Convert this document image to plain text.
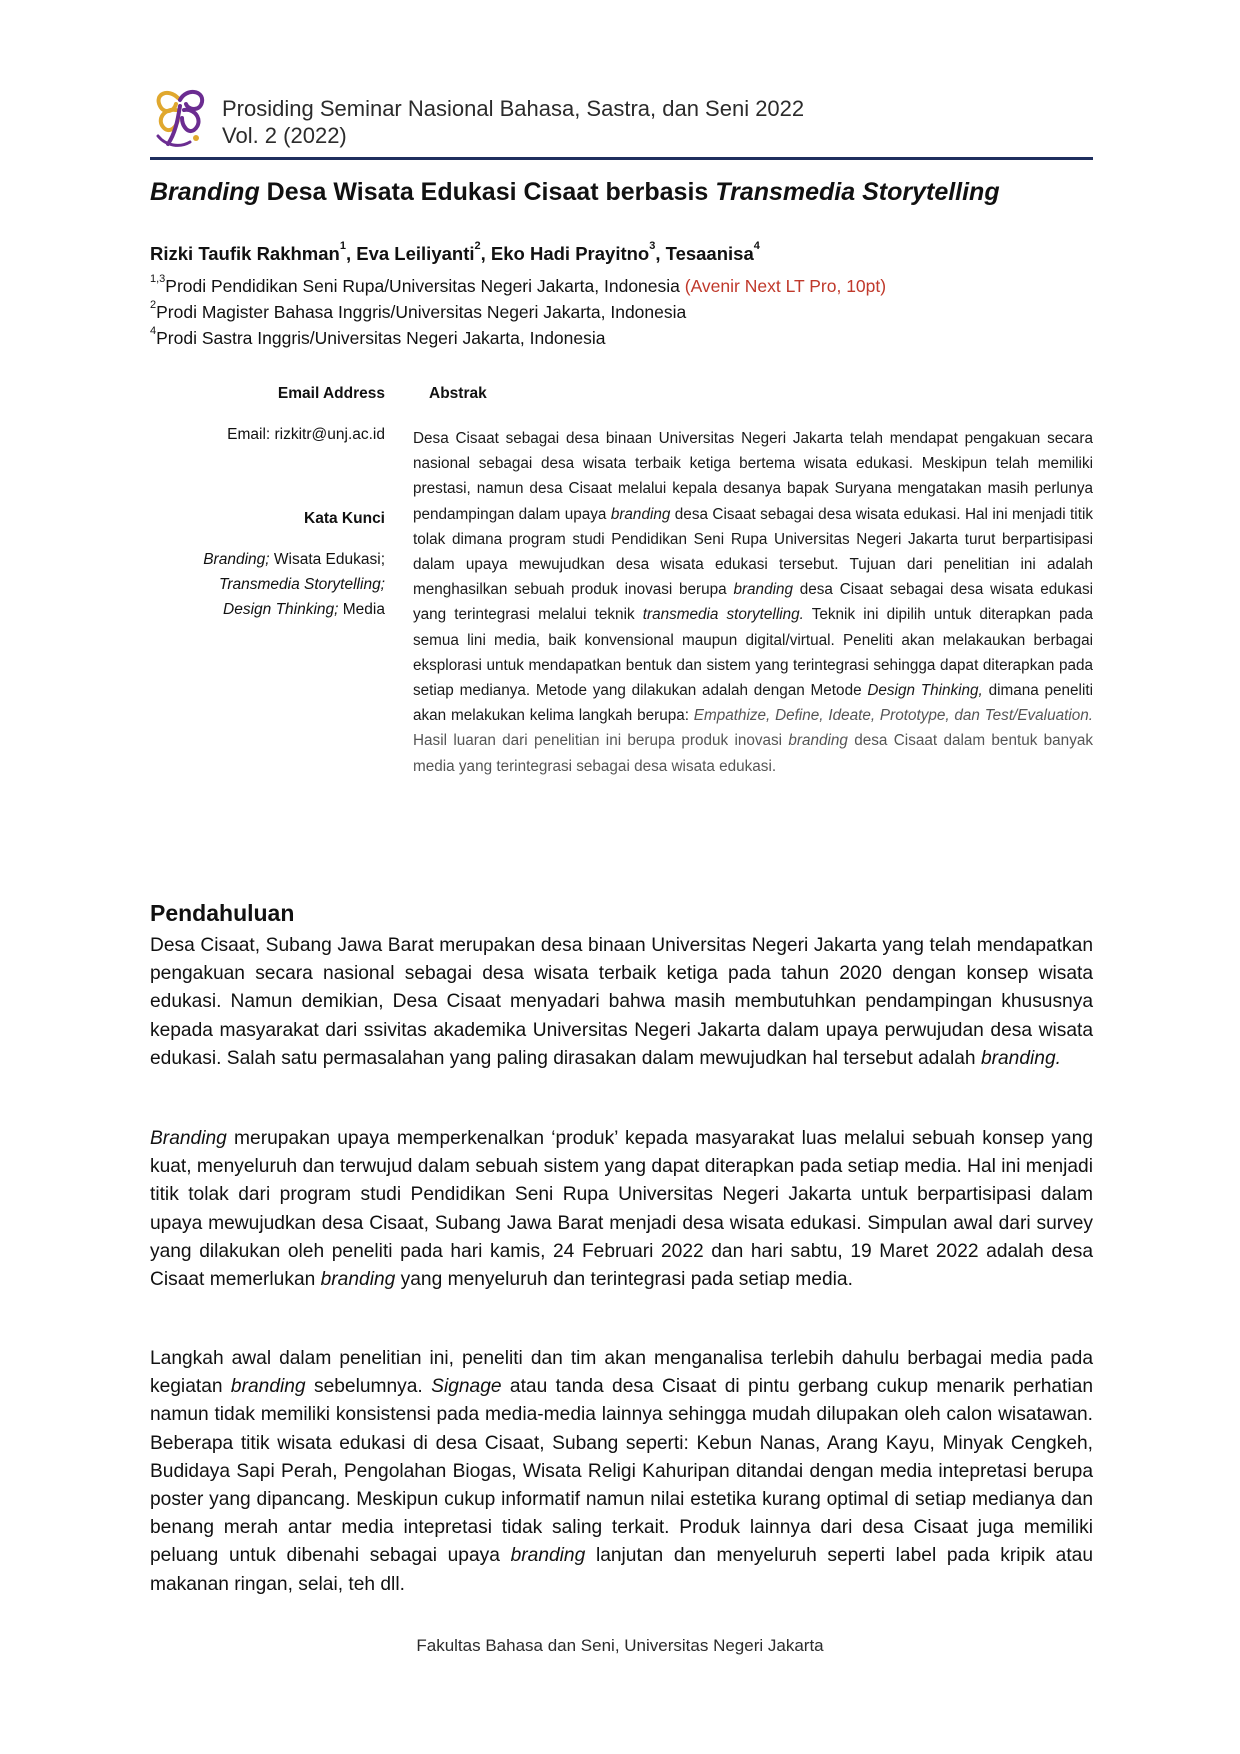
Prosiding Seminar Nasional Bahasa, Sastra, dan Seni 2022
Vol. 2 (2022)
Branding Desa Wisata Edukasi Cisaat berbasis Transmedia Storytelling
Rizki Taufik Rakhman$^1$, Eva Leiliyanti$^2$, Eko Hadi Prayitno$^3$, Tesaanisa$^4$
$^{1,3}$Prodi Pendidikan Seni Rupa/Universitas Negeri Jakarta, Indonesia (Avenir Next LT Pro, 10pt)
$^2$Prodi Magister Bahasa Inggris/Universitas Negeri Jakarta, Indonesia
$^4$Prodi Sastra Inggris/Universitas Negeri Jakarta, Indonesia
Email Address
Email: rizkitr@unj.ac.id
Kata Kunci
Branding; Wisata Edukasi;
Transmedia Storytelling;
Design Thinking; Media
Abstrak
Desa Cisaat sebagai desa binaan Universitas Negeri Jakarta telah mendapat pengakuan secara nasional sebagai desa wisata terbaik ketiga bertema wisata edukasi. Meskipun telah memiliki prestasi, namun desa Cisaat melalui kepala desanya bapak Suryana mengatakan masih perlunya pendampingan dalam upaya branding desa Cisaat sebagai desa wisata edukasi. Hal ini menjadi titik tolak dimana program studi Pendidikan Seni Rupa Universitas Negeri Jakarta turut berpartisipasi dalam upaya mewujudkan desa wisata edukasi tersebut. Tujuan dari penelitian ini adalah menghasilkan sebuah produk inovasi berupa branding desa Cisaat sebagai desa wisata edukasi yang terintegrasi melalui teknik transmedia storytelling. Teknik ini dipilih untuk diterapkan pada semua lini media, baik konvensional maupun digital/virtual. Peneliti akan melakaukan berbagai eksplorasi untuk mendapatkan bentuk dan sistem yang terintegrasi sehingga dapat diterapkan pada setiap medianya. Metode yang dilakukan adalah dengan Metode Design Thinking, dimana peneliti akan melakukan kelima langkah berupa: Empathize, Define, Ideate, Prototype, dan Test/Evaluation. Hasil luaran dari penelitian ini berupa produk inovasi branding desa Cisaat dalam bentuk banyak media yang terintegrasi sebagai desa wisata edukasi.
Pendahuluan
Desa Cisaat, Subang Jawa Barat merupakan desa binaan Universitas Negeri Jakarta yang telah mendapatkan pengakuan secara nasional sebagai desa wisata terbaik ketiga pada tahun 2020 dengan konsep wisata edukasi. Namun demikian, Desa Cisaat menyadari bahwa masih membutuhkan pendampingan khususnya kepada masyarakat dari ssivitas akademika Universitas Negeri Jakarta dalam upaya perwujudan desa wisata edukasi. Salah satu permasalahan yang paling dirasakan dalam mewujudkan hal tersebut adalah branding.
Branding merupakan upaya memperkenalkan ‘produk’ kepada masyarakat luas melalui sebuah konsep yang kuat, menyeluruh dan terwujud dalam sebuah sistem yang dapat diterapkan pada setiap media. Hal ini menjadi titik tolak dari program studi Pendidikan Seni Rupa Universitas Negeri Jakarta untuk berpartisipasi dalam upaya mewujudkan desa Cisaat, Subang Jawa Barat menjadi desa wisata edukasi. Simpulan awal dari survey yang dilakukan oleh peneliti pada hari kamis, 24 Februari 2022 dan hari sabtu, 19 Maret 2022 adalah desa Cisaat memerlukan branding yang menyeluruh dan terintegrasi pada setiap media.
Langkah awal dalam penelitian ini, peneliti dan tim akan menganalisa terlebih dahulu berbagai media pada kegiatan branding sebelumnya. Signage atau tanda desa Cisaat di pintu gerbang cukup menarik perhatian namun tidak memiliki konsistensi pada media-media lainnya sehingga mudah dilupakan oleh calon wisatawan. Beberapa titik wisata edukasi di desa Cisaat, Subang seperti: Kebun Nanas, Arang Kayu, Minyak Cengkeh, Budidaya Sapi Perah, Pengolahan Biogas, Wisata Religi Kahuripan ditandai dengan media intepretasi berupa poster yang dipancang. Meskipun cukup informatif namun nilai estetika kurang optimal di setiap medianya dan benang merah antar media intepretasi tidak saling terkait. Produk lainnya dari desa Cisaat juga memiliki peluang untuk dibenahi sebagai upaya branding lanjutan dan menyeluruh seperti label pada kripik atau makanan ringan, selai, teh dll.
Fakultas Bahasa dan Seni, Universitas Negeri Jakarta
